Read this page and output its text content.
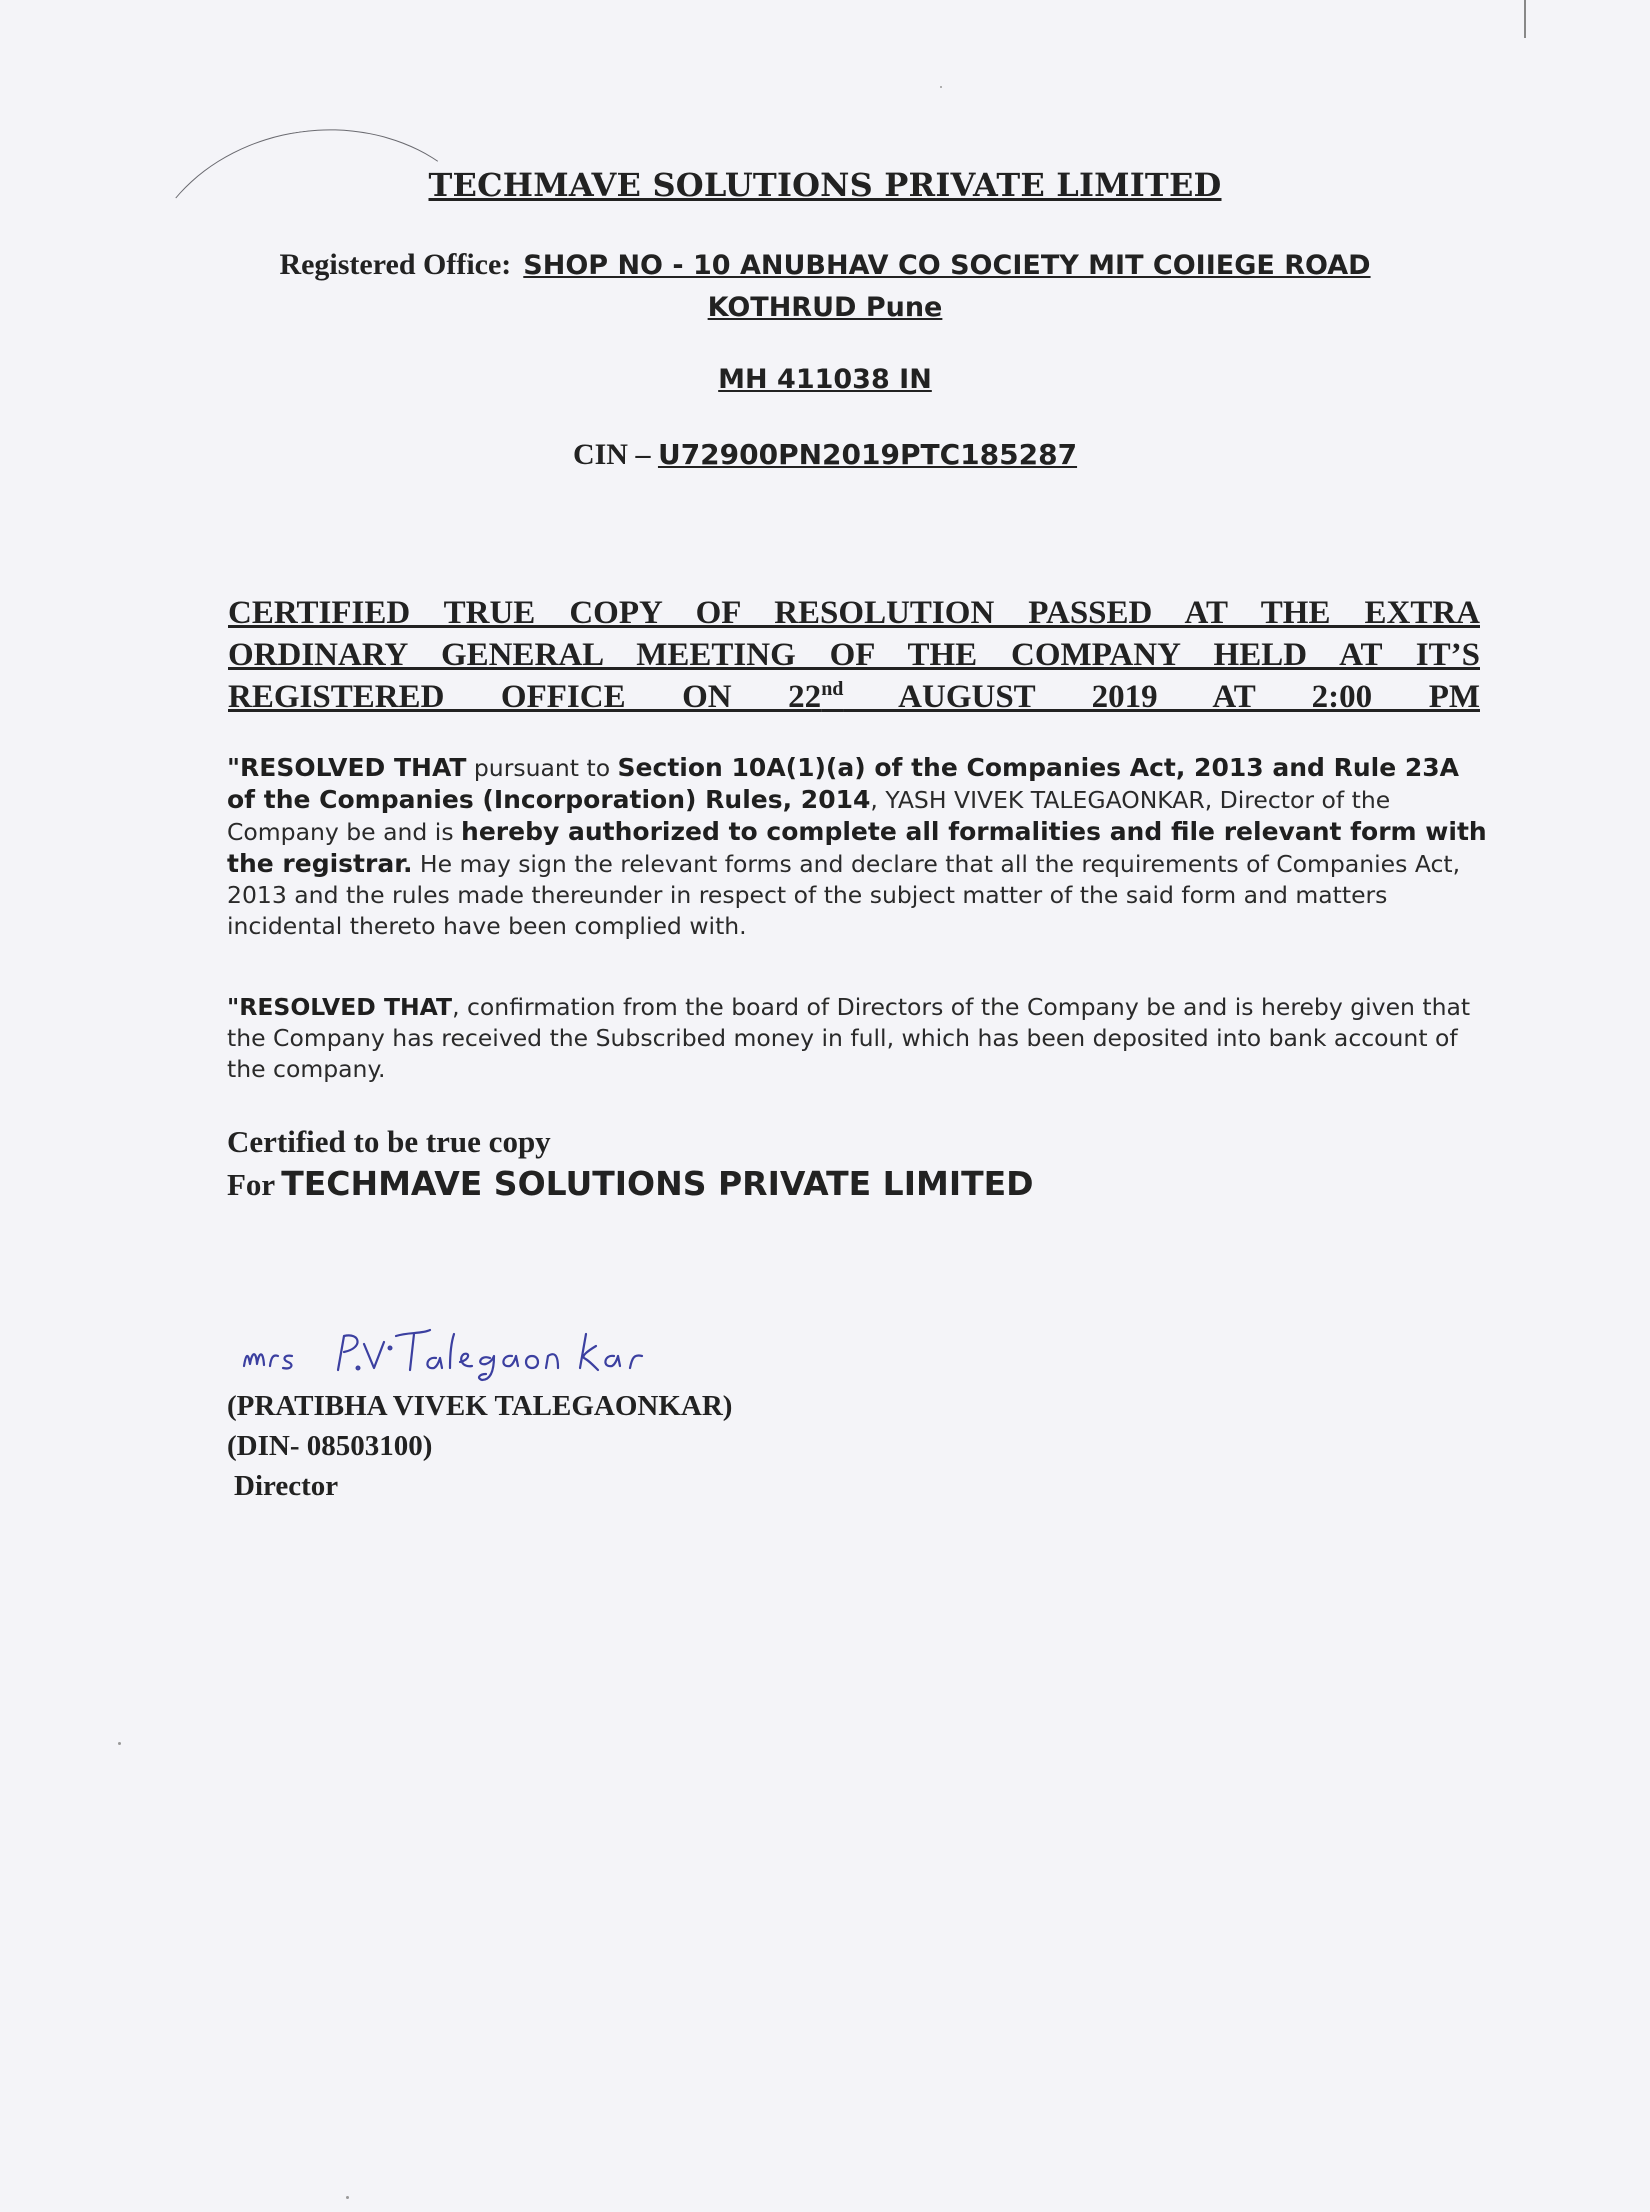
TECHMAVE SOLUTIONS PRIVATE LIMITED
Registered Office: SHOP NO - 10 ANUBHAV CO SOCIETY MIT COIIEGE ROAD
KOTHRUD Pune
MH 411038 IN
CIN – U72900PN2019PTC185287
CERTIFIED TRUE COPY OF RESOLUTION PASSED AT THE EXTRA
ORDINARY GENERAL MEETING OF THE COMPANY HELD AT IT’S
REGISTERED OFFICE ON 22nd AUGUST 2019 AT 2:00 PM
"RESOLVED THAT pursuant to Section 10A(1)(a) of the Companies Act, 2013 and Rule 23A of the Companies (Incorporation) Rules, 2014, YASH VIVEK TALEGAONKAR, Director of the Company be and is hereby authorized to complete all formalities and file relevant form with the registrar. He may sign the relevant forms and declare that all the requirements of Companies Act, 2013 and the rules made thereunder in respect of the subject matter of the said form and matters incidental thereto have been complied with.
"RESOLVED THAT, confirmation from the board of Directors of the Company be and is hereby given that the Company has received the Subscribed money in full, which has been deposited into bank account of the company.
Certified to be true copy
For TECHMAVE SOLUTIONS PRIVATE LIMITED
(PRATIBHA VIVEK TALEGAONKAR)
(DIN- 08503100)
Director
